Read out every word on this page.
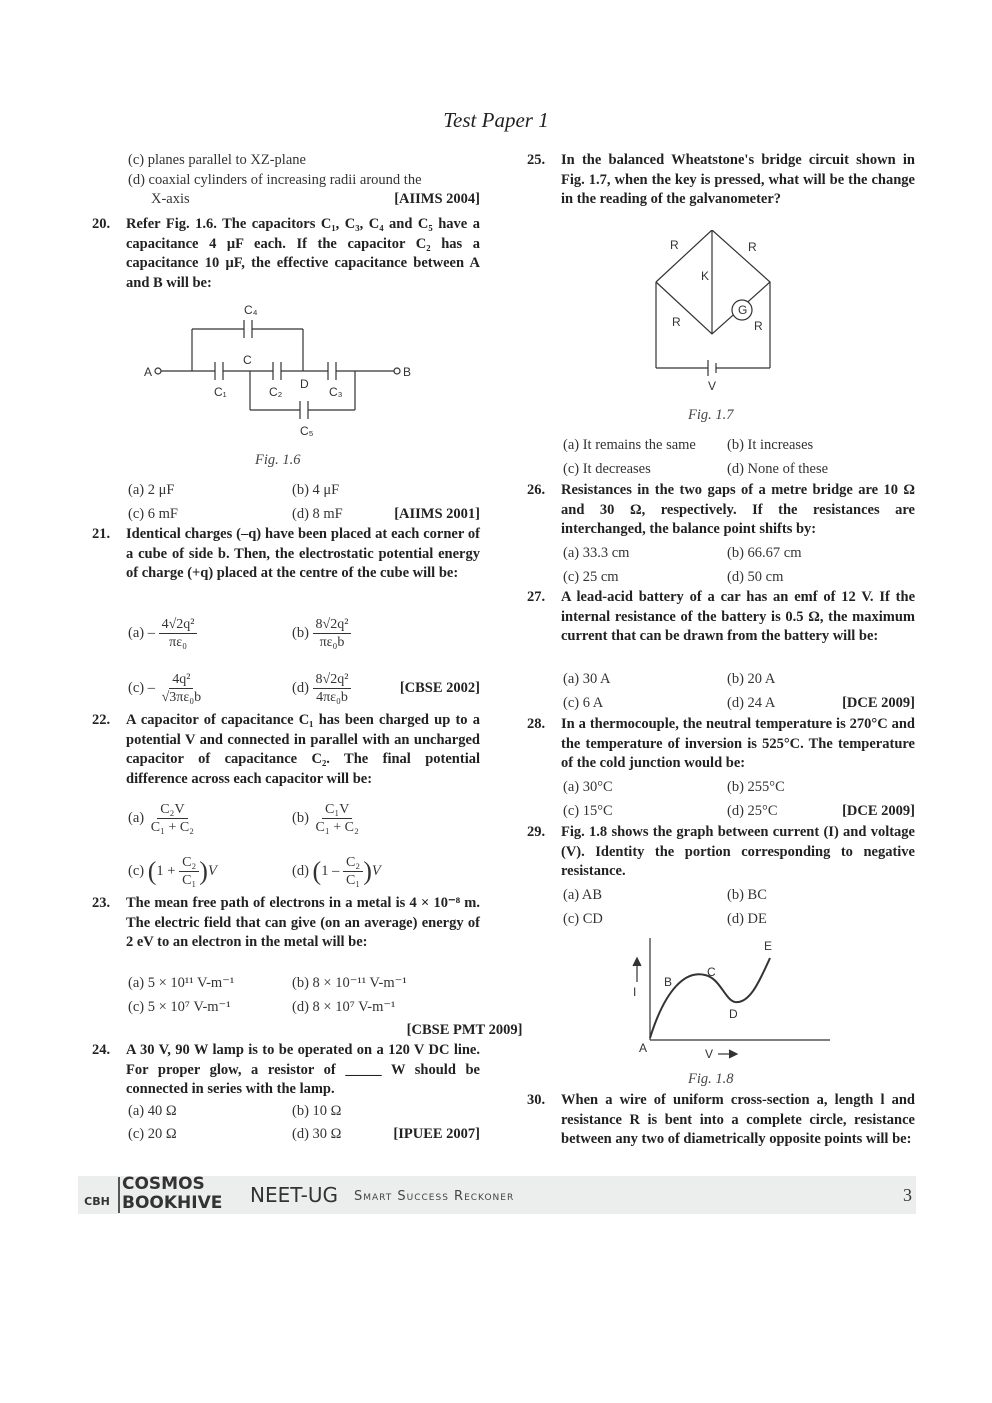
Test Paper 1
(c) planes parallel to XZ-plane
(d) coaxial cylinders of increasing radii around the
X-axis	[AIIMS 2004]
20. Refer Fig. 1.6. The capacitors C₁, C₃, C₄ and C₅ have a capacitance 4 μF each. If the capacitor C₂ has a capacitance 10 μF, the effective capacitance between A and B will be:
A	B
C
D
C₄
C₁	C₂	C₃
C₅
Fig. 1.6
(a) 2 μF	(b) 4 μF
(c) 6 mF	(d) 8 mF	[AIIMS 2001]
21. Identical charges (–q) have been placed at each corner of a cube of side b. Then, the electrostatic potential energy of charge (+q) placed at the centre of the cube will be:
$(a) - \frac{\text{4√2q²}}{\text{πε₀}}$	$(b) \frac{\text{8√2q²}}{\text{πε₀b}}$
$(c) - \frac{\text{4q²}}{\text{√3πε₀b}}$	$(d) \frac{\text{8√2q²}}{\text{4πε₀b}}$	[CBSE 2002]
22. A capacitor of capacitance C₁ has been charged up to a potential V and connected in parallel with an uncharged capacitor of capacitance C₂. The final potential difference across each capacitor will be:
$(a) \frac{\text{C₂V}}{\text{C₁ + C₂}}$	$(b) \frac{\text{C₁V}}{\text{C₁ + C₂}}$
(c) $(1 + \frac{\text{C₂}}{\text{C₁}} )V$	(d) $(1 - \frac{\text{C₂}}{\text{C₁}} )V$
23. The mean free path of electrons in a metal is 4 × 10⁻⁸ m. The electric field that can give (on an average) energy of 2 eV to an electron in the metal will be:
(a) 5 × 10¹¹ V-m⁻¹	(b) 8 × 10⁻¹¹ V-m⁻¹
(c) 5 × 10⁷ V-m⁻¹	(d) 8 × 10⁷ V-m⁻¹
[CBSE PMT 2009]
24. A 30 V, 90 W lamp is to be operated on a 120 V DC line. For proper glow, a resistor of _____ W should be connected in series with the lamp.
(a) 40 Ω	(b) 10 Ω
(c) 20 Ω	(d) 30 Ω	[IPUEE 2007]
25. In the balanced Wheatstone's bridge circuit shown in Fig. 1.7, when the key is pressed, what will be the change in the reading of the galvanometer?
R	R
R	R
K
G
V
Fig. 1.7
(a) It remains the same	(b) It increases
(c) It decreases	(d) None of these
26. Resistances in the two gaps of a metre bridge are 10 Ω and 30 Ω, respectively. If the resistances are interchanged, the balance point shifts by:
(a) 33.3 cm	(b) 66.67 cm
(c) 25 cm	(d) 50 cm
27. A lead-acid battery of a car has an emf of 12 V. If the internal resistance of the battery is 0.5 Ω, the maximum current that can be drawn from the battery will be:
(a) 30 A	(b) 20 A
(c) 6 A	(d) 24 A	[DCE 2009]
28. In a thermocouple, the neutral temperature is 270°C and the temperature of inversion is 525°C. The temperature of the cold junction would be:
(a) 30°C	(b) 255°C
(c) 15°C	(d) 25°C	[DCE 2009]
29. Fig. 1.8 shows the graph between current (I) and voltage (V). Identity the portion corresponding to negative resistance.
(a) AB	(b) BC
(c) CD	(d) DE
I
V
A
B
C
D
E
Fig. 1.8
30. When a wire of uniform cross-section a, length l and resistance R is bent into a complete circle, resistance between any two of diametrically opposite points will be:
CBH
COSMOS
BOOKHIVE NEET-UG Smart Success Reckoner	3
